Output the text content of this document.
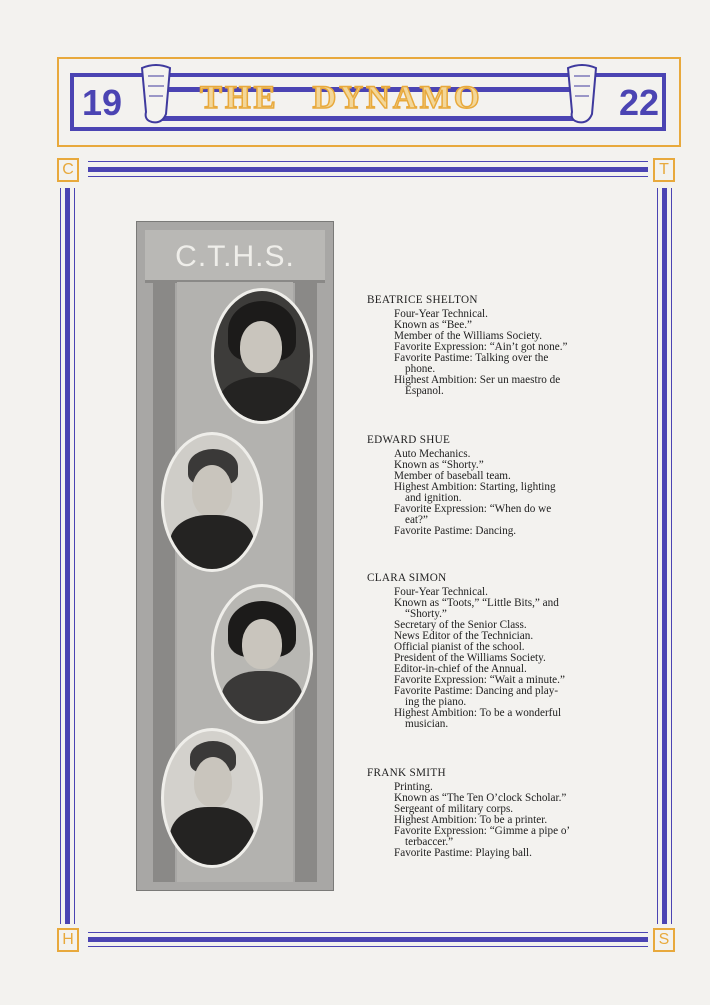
19	22
THE   DYNAMO
C	T
H	S
C.T.H.S.
BEATRICE SHELTON
Four-Year Technical.
Known as “Bee.”
Member of the Williams Society.
Favorite Expression: “Ain’t got none.”
Favorite Pastime: Talking over the
phone.
Highest Ambition: Ser un maestro de
Espanol.
EDWARD SHUE
Auto Mechanics.
Known as “Shorty.”
Member of baseball team.
Highest Ambition: Starting, lighting
and ignition.
Favorite Expression: “When do we
eat?”
Favorite Pastime: Dancing.
CLARA SIMON
Four-Year Technical.
Known as “Toots,” “Little Bits,” and
“Shorty.”
Secretary of the Senior Class.
News Editor of the Technician.
Official pianist of the school.
President of the Williams Society.
Editor-in-chief of the Annual.
Favorite Expression: “Wait a minute.”
Favorite Pastime: Dancing and play-
ing the piano.
Highest Ambition: To be a wonderful
musician.
FRANK SMITH
Printing.
Known as “The Ten O’clock Scholar.”
Sergeant of military corps.
Highest Ambition: To be a printer.
Favorite Expression: “Gimme a pipe o’
terbaccer.”
Favorite Pastime: Playing ball.
